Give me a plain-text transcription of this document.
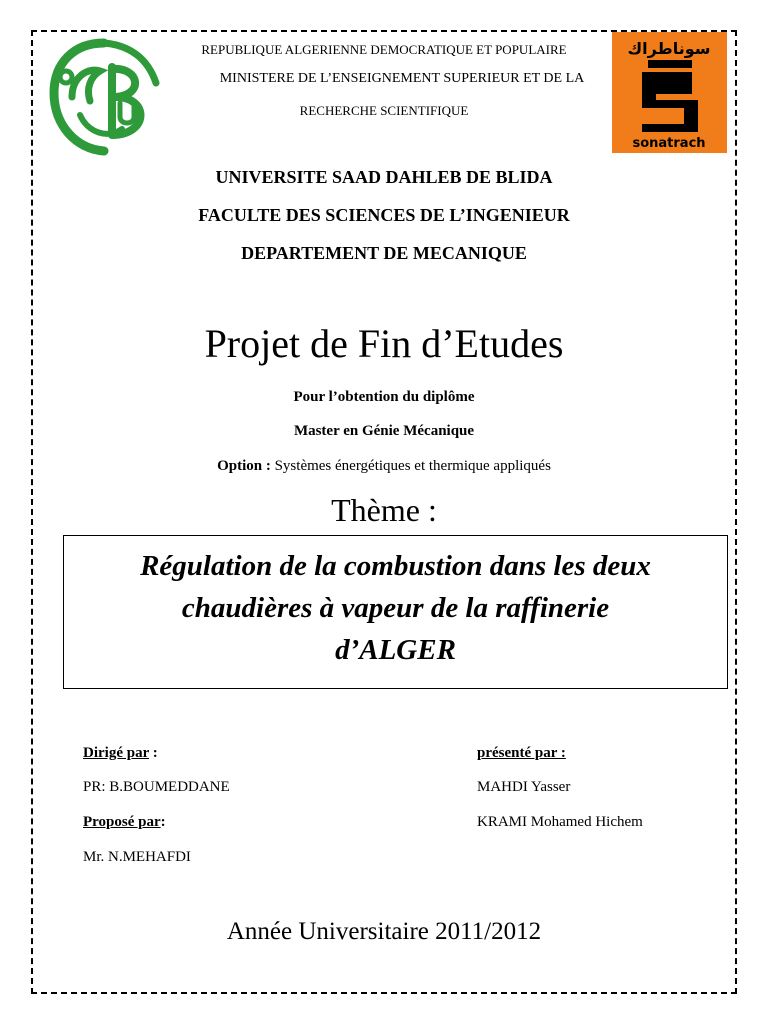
سوناطراك
sonatrach
REPUBLIQUE ALGERIENNE DEMOCRATIQUE ET POPULAIRE
MINISTERE DE L’ENSEIGNEMENT SUPERIEUR ET DE LA
RECHERCHE SCIENTIFIQUE
UNIVERSITE SAAD DAHLEB DE BLIDA
FACULTE DES SCIENCES DE L’INGENIEUR
DEPARTEMENT DE MECANIQUE
Projet de Fin d’Etudes
Pour l’obtention du diplôme
Master en Génie Mécanique
Option : Systèmes énergétiques et thermique appliqués
Thème :
Régulation de la combustion dans les deux
chaudières à vapeur de la raffinerie
d’ALGER
Dirigé par :
PR: B.BOUMEDDANE
Proposé par:
Mr. N.MEHAFDI
présenté par :
MAHDI Yasser
KRAMI Mohamed Hichem
Année Universitaire 2011/2012
